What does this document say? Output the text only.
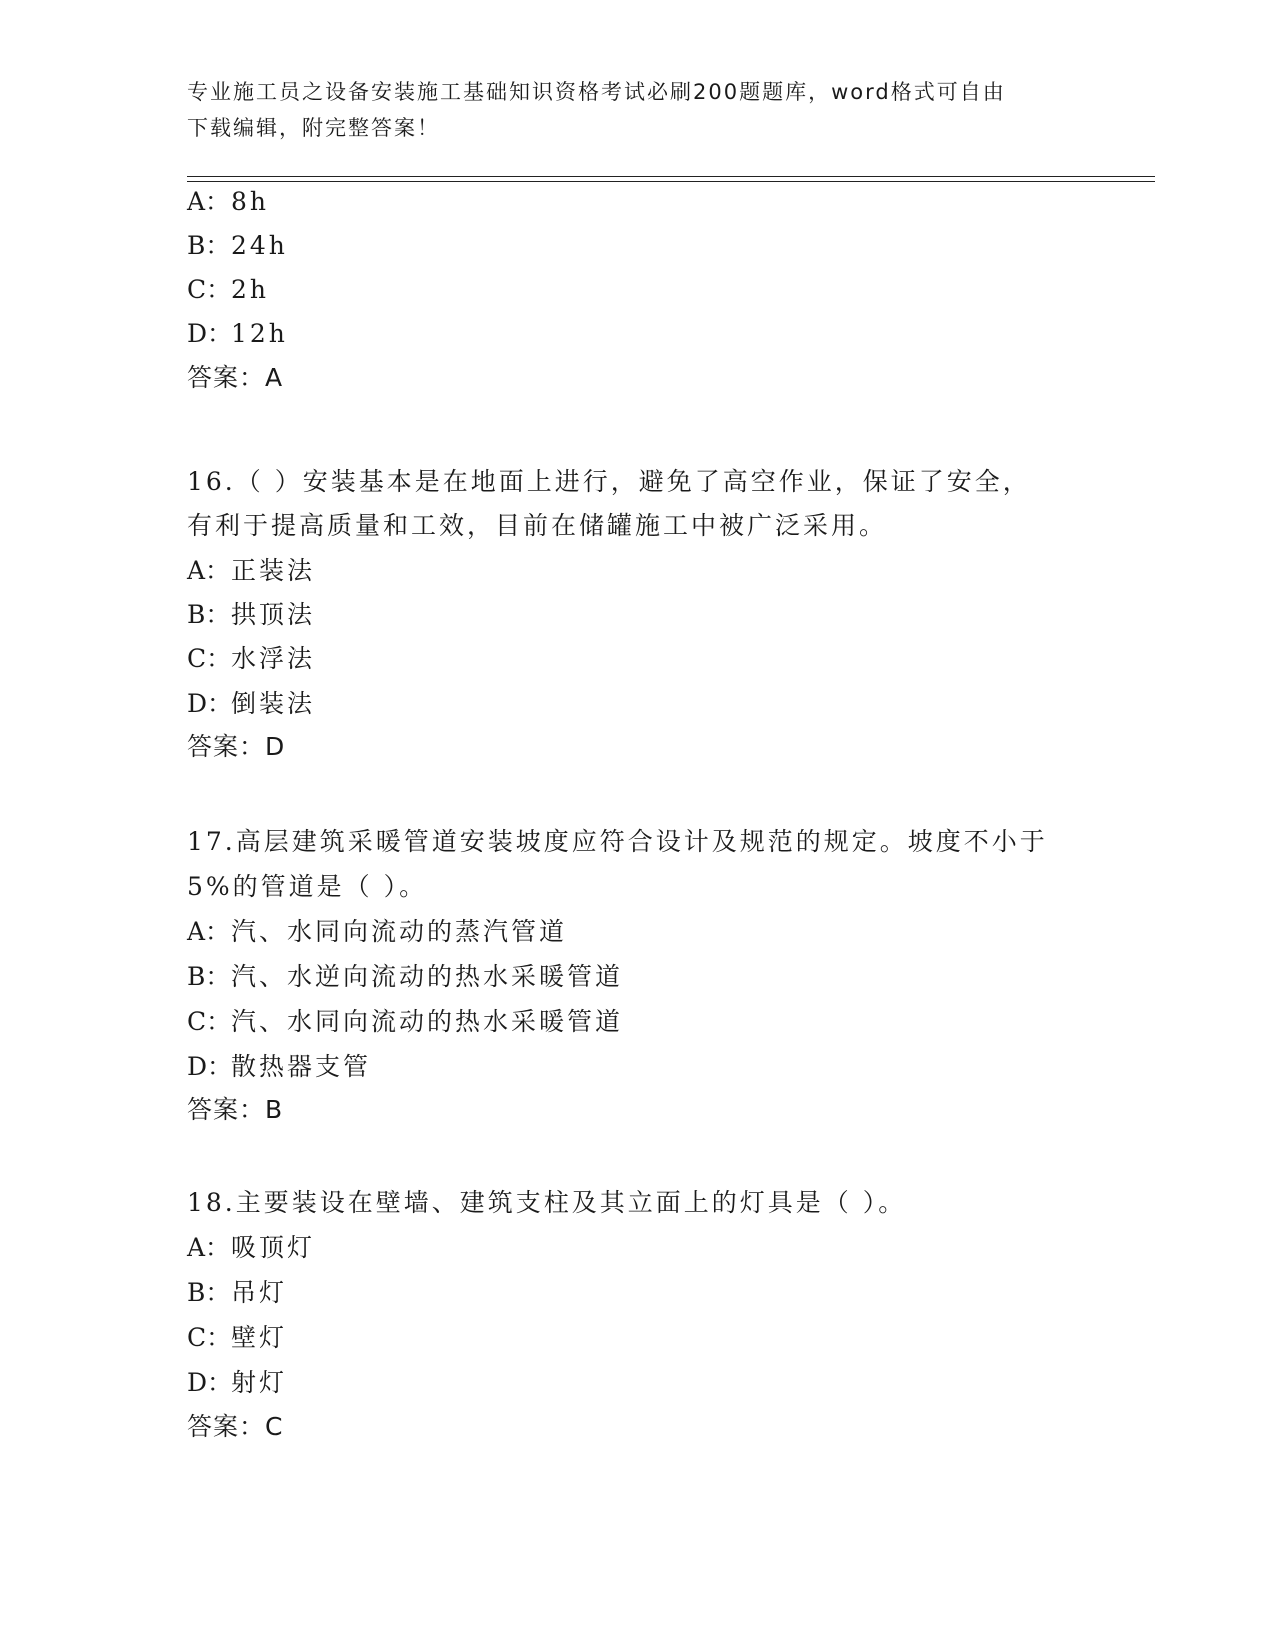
专业施工员之设备安装施工基础知识资格考试必刷200题题库，word格式可自由
下载编辑，附完整答案！
A：8h
B：24h
C：2h
D：12h
答案：A
16.（ ）安装基本是在地面上进行，避免了高空作业，保证了安全，
有利于提高质量和工效，目前在储罐施工中被广泛采用。
A：正装法
B：拱顶法
C：水浮法
D：倒装法
答案：D
17.高层建筑采暖管道安装坡度应符合设计及规范的规定。坡度不小于
5%的管道是（ ）。
A：汽、水同向流动的蒸汽管道
B：汽、水逆向流动的热水采暖管道
C：汽、水同向流动的热水采暖管道
D：散热器支管
答案：B
18.主要装设在壁墙、建筑支柱及其立面上的灯具是（ ）。
A：吸顶灯
B：吊灯
C：壁灯
D：射灯
答案：C
